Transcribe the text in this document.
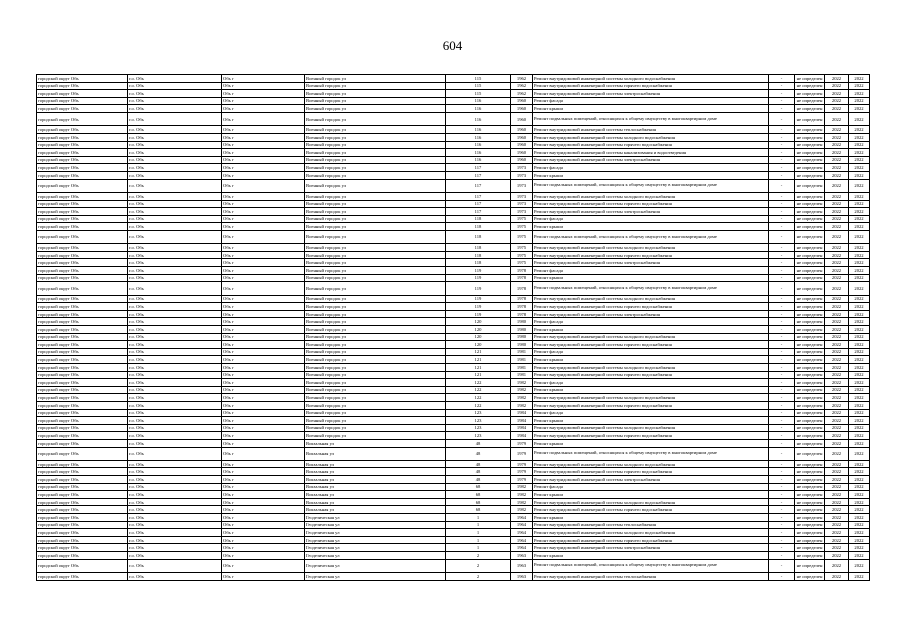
604
городской округ Обь	г.о. Обь	Обь г	Военный городок ул	115	1962	Ремонт внутридомовой инженерной системы холодного водоснабжения	-	не определен	2022	2022
городской округ Обь	г.о. Обь	Обь г	Военный городок ул	115	1962	Ремонт внутридомовой инженерной системы горячего водоснабжения	-	не определен	2022	2022
городской округ Обь	г.о. Обь	Обь г	Военный городок ул	115	1962	Ремонт внутридомовой инженерной системы электроснабжения	-	не определен	2022	2022
городской округ Обь	г.о. Обь	Обь г	Военный городок ул	116	1960	Ремонт фасада	-	не определен	2022	2022
городской округ Обь	г.о. Обь	Обь г	Военный городок ул	116	1960	Ремонт крыши	-	не определен	2022	2022
городской округ Обь	г.о. Обь	Обь г	Военный городок ул	116	1960	Ремонт подвальных помещений, относящихся к общему имуществу в многоквартирном доме	-	не определен	2022	2022
городской округ Обь	г.о. Обь	Обь г	Военный городок ул	116	1960	Ремонт внутридомовой инженерной системы теплоснабжения	-	не определен	2022	2022
городской округ Обь	г.о. Обь	Обь г	Военный городок ул	116	1960	Ремонт внутридомовой инженерной системы холодного водоснабжения	-	не определен	2022	2022
городской округ Обь	г.о. Обь	Обь г	Военный городок ул	116	1960	Ремонт внутридомовой инженерной системы горячего водоснабжения	-	не определен	2022	2022
городской округ Обь	г.о. Обь	Обь г	Военный городок ул	116	1960	Ремонт внутридомовой инженерной системы канализования и водоотведения	-	не определен	2022	2022
городской округ Обь	г.о. Обь	Обь г	Военный городок ул	116	1960	Ремонт внутридомовой инженерной системы электроснабжения	-	не определен	2022	2022
городской округ Обь	г.о. Обь	Обь г	Военный городок ул	117	1973	Ремонт фасада	-	не определен	2022	2022
городской округ Обь	г.о. Обь	Обь г	Военный городок ул	117	1973	Ремонт крыши	-	не определен	2022	2022
городской округ Обь	г.о. Обь	Обь г	Военный городок ул	117	1973	Ремонт подвальных помещений, относящихся к общему имуществу в многоквартирном доме	-	не определен	2022	2022
городской округ Обь	г.о. Обь	Обь г	Военный городок ул	117	1973	Ремонт внутридомовой инженерной системы холодного водоснабжения	-	не определен	2022	2022
городской округ Обь	г.о. Обь	Обь г	Военный городок ул	117	1973	Ремонт внутридомовой инженерной системы горячего водоснабжения	-	не определен	2022	2022
городской округ Обь	г.о. Обь	Обь г	Военный городок ул	117	1973	Ремонт внутридомовой инженерной системы электроснабжения	-	не определен	2022	2022
городской округ Обь	г.о. Обь	Обь г	Военный городок ул	118	1975	Ремонт фасада	-	не определен	2022	2022
городской округ Обь	г.о. Обь	Обь г	Военный городок ул	118	1975	Ремонт крыши	-	не определен	2022	2022
городской округ Обь	г.о. Обь	Обь г	Военный городок ул	118	1975	Ремонт подвальных помещений, относящихся к общему имуществу в многоквартирном доме	-	не определен	2022	2022
городской округ Обь	г.о. Обь	Обь г	Военный городок ул	118	1975	Ремонт внутридомовой инженерной системы холодного водоснабжения	-	не определен	2022	2022
городской округ Обь	г.о. Обь	Обь г	Военный городок ул	118	1975	Ремонт внутридомовой инженерной системы горячего водоснабжения	-	не определен	2022	2022
городской округ Обь	г.о. Обь	Обь г	Военный городок ул	118	1975	Ремонт внутридомовой инженерной системы электроснабжения	-	не определен	2022	2022
городской округ Обь	г.о. Обь	Обь г	Военный городок ул	119	1978	Ремонт фасада	-	не определен	2022	2022
городской округ Обь	г.о. Обь	Обь г	Военный городок ул	119	1978	Ремонт крыши	-	не определен	2022	2022
городской округ Обь	г.о. Обь	Обь г	Военный городок ул	119	1978	Ремонт подвальных помещений, относящихся к общему имуществу в многоквартирном доме	-	не определен	2022	2022
городской округ Обь	г.о. Обь	Обь г	Военный городок ул	119	1978	Ремонт внутридомовой инженерной системы холодного водоснабжения	-	не определен	2022	2022
городской округ Обь	г.о. Обь	Обь г	Военный городок ул	119	1978	Ремонт внутридомовой инженерной системы горячего водоснабжения	-	не определен	2022	2022
городской округ Обь	г.о. Обь	Обь г	Военный городок ул	119	1978	Ремонт внутридомовой инженерной системы электроснабжения	-	не определен	2022	2022
городской округ Обь	г.о. Обь	Обь г	Военный городок ул	120	1980	Ремонт фасада	-	не определен	2022	2022
городской округ Обь	г.о. Обь	Обь г	Военный городок ул	120	1980	Ремонт крыши	-	не определен	2022	2022
городской округ Обь	г.о. Обь	Обь г	Военный городок ул	120	1980	Ремонт внутридомовой инженерной системы холодного водоснабжения	-	не определен	2022	2022
городской округ Обь	г.о. Обь	Обь г	Военный городок ул	120	1980	Ремонт внутридомовой инженерной системы горячего водоснабжения	-	не определен	2022	2022
городской округ Обь	г.о. Обь	Обь г	Военный городок ул	121	1981	Ремонт фасада	-	не определен	2022	2022
городской округ Обь	г.о. Обь	Обь г	Военный городок ул	121	1981	Ремонт крыши	-	не определен	2022	2022
городской округ Обь	г.о. Обь	Обь г	Военный городок ул	121	1981	Ремонт внутридомовой инженерной системы холодного водоснабжения	-	не определен	2022	2022
городской округ Обь	г.о. Обь	Обь г	Военный городок ул	121	1981	Ремонт внутридомовой инженерной системы горячего водоснабжения	-	не определен	2022	2022
городской округ Обь	г.о. Обь	Обь г	Военный городок ул	122	1982	Ремонт фасада	-	не определен	2022	2022
городской округ Обь	г.о. Обь	Обь г	Военный городок ул	122	1982	Ремонт крыши	-	не определен	2022	2022
городской округ Обь	г.о. Обь	Обь г	Военный городок ул	122	1982	Ремонт внутридомовой инженерной системы холодного водоснабжения	-	не определен	2022	2022
городской округ Обь	г.о. Обь	Обь г	Военный городок ул	122	1982	Ремонт внутридомовой инженерной системы горячего водоснабжения	-	не определен	2022	2022
городской округ Обь	г.о. Обь	Обь г	Военный городок ул	123	1984	Ремонт фасада	-	не определен	2022	2022
городской округ Обь	г.о. Обь	Обь г	Военный городок ул	123	1984	Ремонт крыши	-	не определен	2022	2022
городской округ Обь	г.о. Обь	Обь г	Военный городок ул	123	1984	Ремонт внутридомовой инженерной системы холодного водоснабжения	-	не определен	2022	2022
городской округ Обь	г.о. Обь	Обь г	Военный городок ул	123	1984	Ремонт внутридомовой инженерной системы горячего водоснабжения	-	не определен	2022	2022
городской округ Обь	г.о. Обь	Обь г	Вокзальная ул	48	1979	Ремонт крыши	-	не определен	2022	2022
городской округ Обь	г.о. Обь	Обь г	Вокзальная ул	48	1979	Ремонт подвальных помещений, относящихся к общему имуществу в многоквартирном доме	-	не определен	2022	2022
городской округ Обь	г.о. Обь	Обь г	Вокзальная ул	48	1979	Ремонт внутридомовой инженерной системы холодного водоснабжения	-	не определен	2022	2022
городской округ Обь	г.о. Обь	Обь г	Вокзальная ул	48	1979	Ремонт внутридомовой инженерной системы горячего водоснабжения	-	не определен	2022	2022
городской округ Обь	г.о. Обь	Обь г	Вокзальная ул	48	1979	Ремонт внутридомовой инженерной системы электроснабжения	-	не определен	2022	2022
городской округ Обь	г.о. Обь	Обь г	Вокзальная ул	68	1982	Ремонт фасада	-	не определен	2022	2022
городской округ Обь	г.о. Обь	Обь г	Вокзальная ул	68	1982	Ремонт крыши	-	не определен	2022	2022
городской округ Обь	г.о. Обь	Обь г	Вокзальная ул	68	1982	Ремонт внутридомовой инженерной системы холодного водоснабжения	-	не определен	2022	2022
городской округ Обь	г.о. Обь	Обь г	Вокзальная ул	68	1982	Ремонт внутридомовой инженерной системы горячего водоснабжения	-	не определен	2022	2022
городской округ Обь	г.о. Обь	Обь г	Геодезическая ул	1	1964	Ремонт крыши	-	не определен	2022	2022
городской округ Обь	г.о. Обь	Обь г	Геодезическая ул	1	1964	Ремонт внутридомовой инженерной системы теплоснабжения	-	не определен	2022	2022
городской округ Обь	г.о. Обь	Обь г	Геодезическая ул	1	1964	Ремонт внутридомовой инженерной системы холодного водоснабжения	-	не определен	2022	2022
городской округ Обь	г.о. Обь	Обь г	Геодезическая ул	1	1964	Ремонт внутридомовой инженерной системы горячего водоснабжения	-	не определен	2022	2022
городской округ Обь	г.о. Обь	Обь г	Геодезическая ул	1	1964	Ремонт внутридомовой инженерной системы электроснабжения	-	не определен	2022	2022
городской округ Обь	г.о. Обь	Обь г	Геодезическая ул	2	1963	Ремонт крыши	-	не определен	2022	2022
городской округ Обь	г.о. Обь	Обь г	Геодезическая ул	2	1963	Ремонт подвальных помещений, относящихся к общему имуществу в многоквартирном доме	-	не определен	2022	2022
городской округ Обь	г.о. Обь	Обь г	Геодезическая ул	2	1963	Ремонт внутридомовой инженерной системы теплоснабжения	-	не определен	2022	2022
